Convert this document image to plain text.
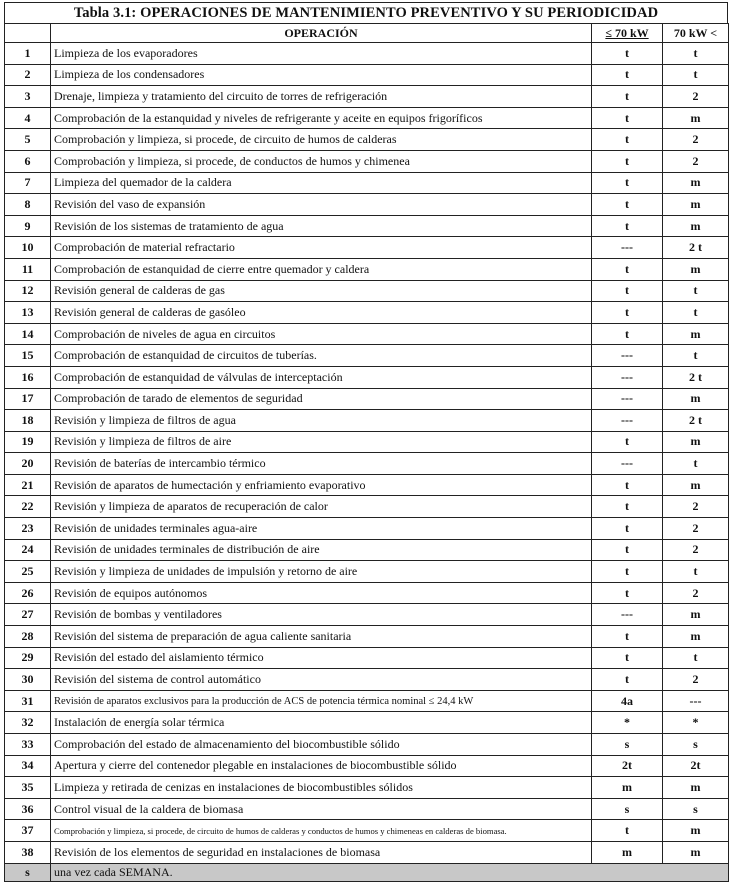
Tabla 3.1: OPERACIONES DE MANTENIMIENTO PREVENTIVO Y SU PERIODICIDAD
	OPERACIÓN	≤ 70 kW	70 kW <
1	Limpieza de los evaporadores	t	t
2	Limpieza de los condensadores	t	t
3	Drenaje, limpieza y tratamiento del circuito de torres de refrigeración	t	2
4	Comprobación de la estanquidad y niveles de refrigerante y aceite en equipos frigoríficos	t	m
5	Comprobación y limpieza, si procede, de circuito de humos de calderas	t	2
6	Comprobación y limpieza, si procede, de conductos de humos y chimenea	t	2
7	Limpieza del quemador de la caldera	t	m
8	Revisión del vaso de expansión	t	m
9	Revisión de los sistemas de tratamiento de agua	t	m
10	Comprobación de material refractario	---	2 t
11	Comprobación de estanquidad de cierre entre quemador y caldera	t	m
12	Revisión general de calderas de gas	t	t
13	Revisión general de calderas de gasóleo	t	t
14	Comprobación de niveles de agua en circuitos	t	m
15	Comprobación de estanquidad de circuitos de tuberías.	---	t
16	Comprobación de estanquidad de válvulas de interceptación	---	2 t
17	Comprobación de tarado de elementos de seguridad	---	m
18	Revisión y limpieza de filtros de agua	---	2 t
19	Revisión y limpieza de filtros de aire	t	m
20	Revisión de baterías de intercambio térmico	---	t
21	Revisión de aparatos de humectación y enfriamiento evaporativo	t	m
22	Revisión y limpieza de aparatos de recuperación de calor	t	2
23	Revisión de unidades terminales agua-aire	t	2
24	Revisión de unidades terminales de distribución de aire	t	2
25	Revisión y limpieza de unidades de impulsión y retorno de aire	t	t
26	Revisión de equipos autónomos	t	2
27	Revisión de bombas y ventiladores	---	m
28	Revisión del sistema de preparación de agua caliente sanitaria	t	m
29	Revisión del estado del aislamiento térmico	t	t
30	Revisión del sistema de control automático	t	2
31	Revisión de aparatos exclusivos para la producción de ACS de potencia térmica nominal ≤ 24,4 kW	4a	---
32	Instalación de energía solar térmica	*	*
33	Comprobación del estado de almacenamiento del biocombustible sólido	s	s
34	Apertura y cierre del contenedor plegable en instalaciones de biocombustible sólido	2t	2t
35	Limpieza y retirada de cenizas en instalaciones de biocombustibles sólidos	m	m
36	Control visual de la caldera de biomasa	s	s
37	Comprobación y limpieza, si procede, de circuito de humos de calderas y conductos de humos y chimeneas en calderas de biomasa.	t	m
38	Revisión de los elementos de seguridad en instalaciones de biomasa	m	m
s	una vez cada SEMANA.		
